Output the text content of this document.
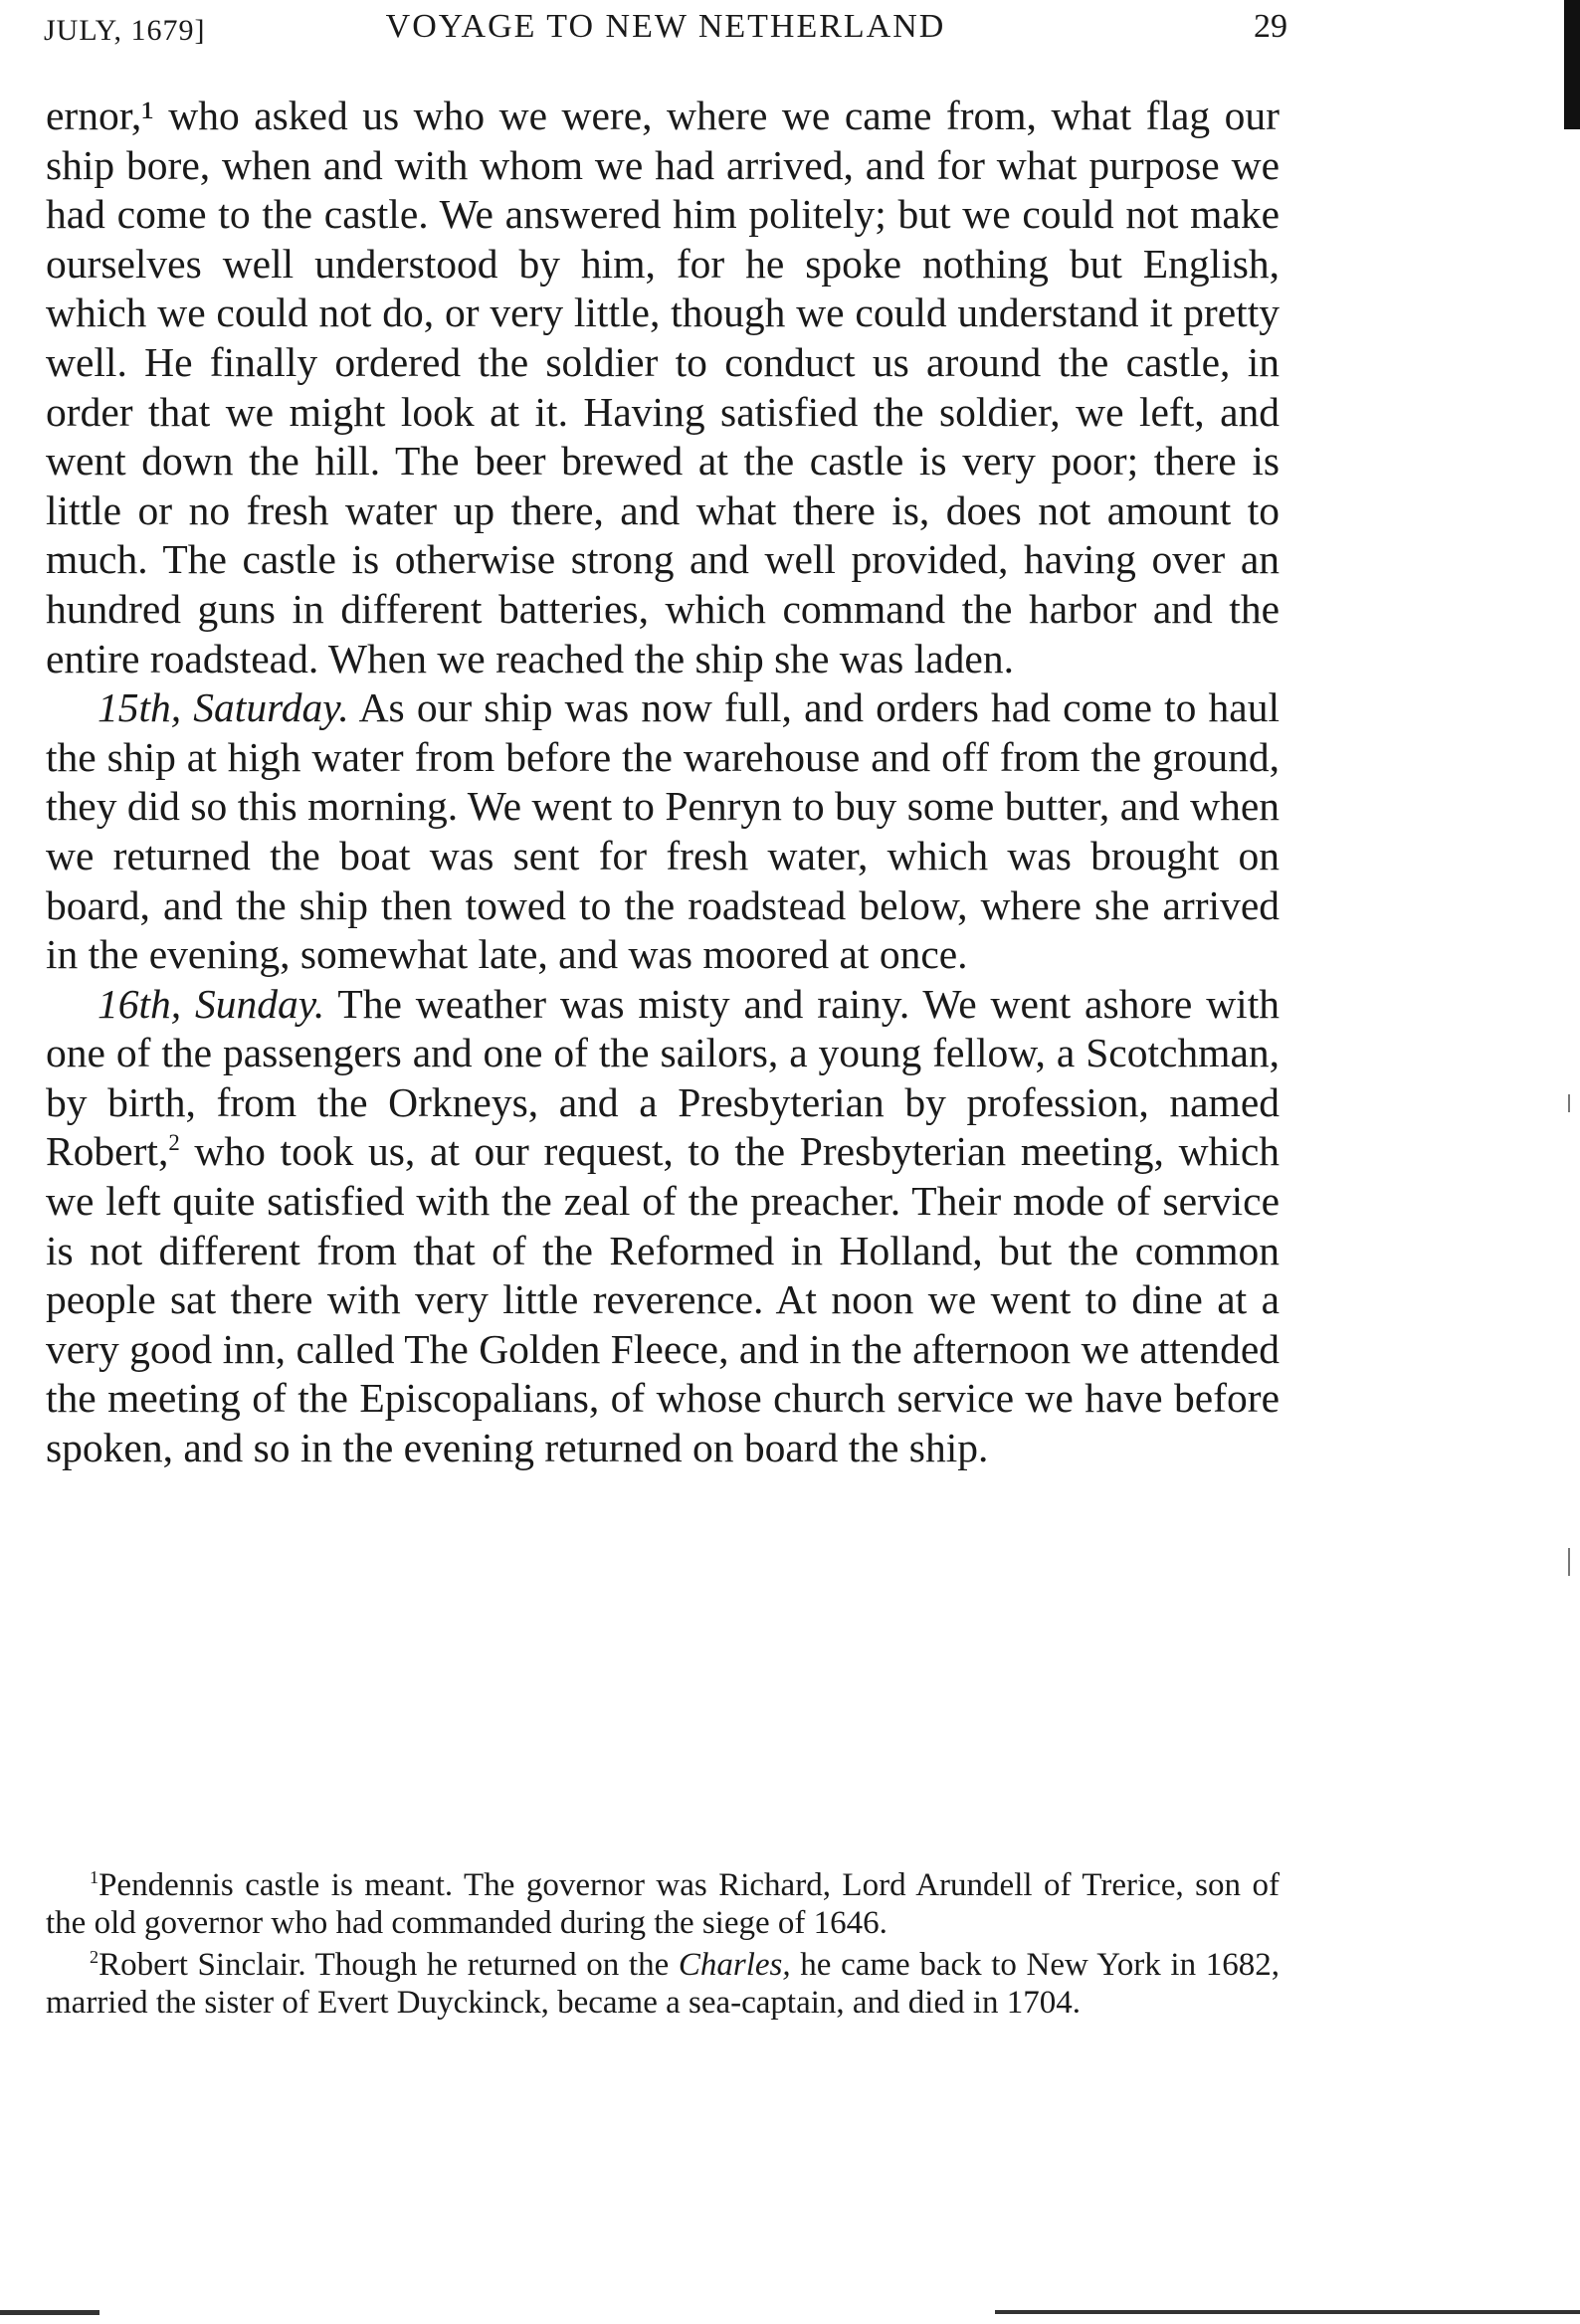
JULY, 1679]	VOYAGE TO NEW NETHERLAND	29

ernor,¹ who asked us who we were, where we came from, what flag our ship bore, when and with whom we had arrived, and for what purpose we had come to the castle. We answered him politely; but we could not make ourselves well understood by him, for he spoke nothing but English, which we could not do, or very little, though we could understand it pretty well. He finally ordered the soldier to conduct us around the castle, in order that we might look at it. Having satisfied the soldier, we left, and went down the hill. The beer brewed at the castle is very poor; there is little or no fresh water up there, and what there is, does not amount to much. The castle is otherwise strong and well provided, having over an hundred guns in different batteries, which command the harbor and the entire roadstead. When we reached the ship she was laden.

15th, Saturday. As our ship was now full, and orders had come to haul the ship at high water from before the warehouse and off from the ground, they did so this morning. We went to Penryn to buy some butter, and when we returned the boat was sent for fresh water, which was brought on board, and the ship then towed to the roadstead below, where she arrived in the evening, somewhat late, and was moored at once.

16th, Sunday. The weather was misty and rainy. We went ashore with one of the passengers and one of the sailors, a young fellow, a Scotchman, by birth, from the Orkneys, and a Presbyterian by profession, named Robert,$^2$ who took us, at our request, to the Presbyterian meeting, which we left quite satisfied with the zeal of the preacher. Their mode of service is not different from that of the Reformed in Holland, but the common people sat there with very little reverence. At noon we went to dine at a very good inn, called The Golden Fleece, and in the afternoon we attended the meeting of the Episcopalians, of whose church service we have before spoken, and so in the evening returned on board the ship.

$^1$Pendennis castle is meant. The governor was Richard, Lord Arundell of Trerice, son of the old governor who had commanded during the siege of 1646.

$^2$Robert Sinclair. Though he returned on the Charles, he came back to New York in 1682, married the sister of Evert Duyckinck, became a sea-captain, and died in 1704.
